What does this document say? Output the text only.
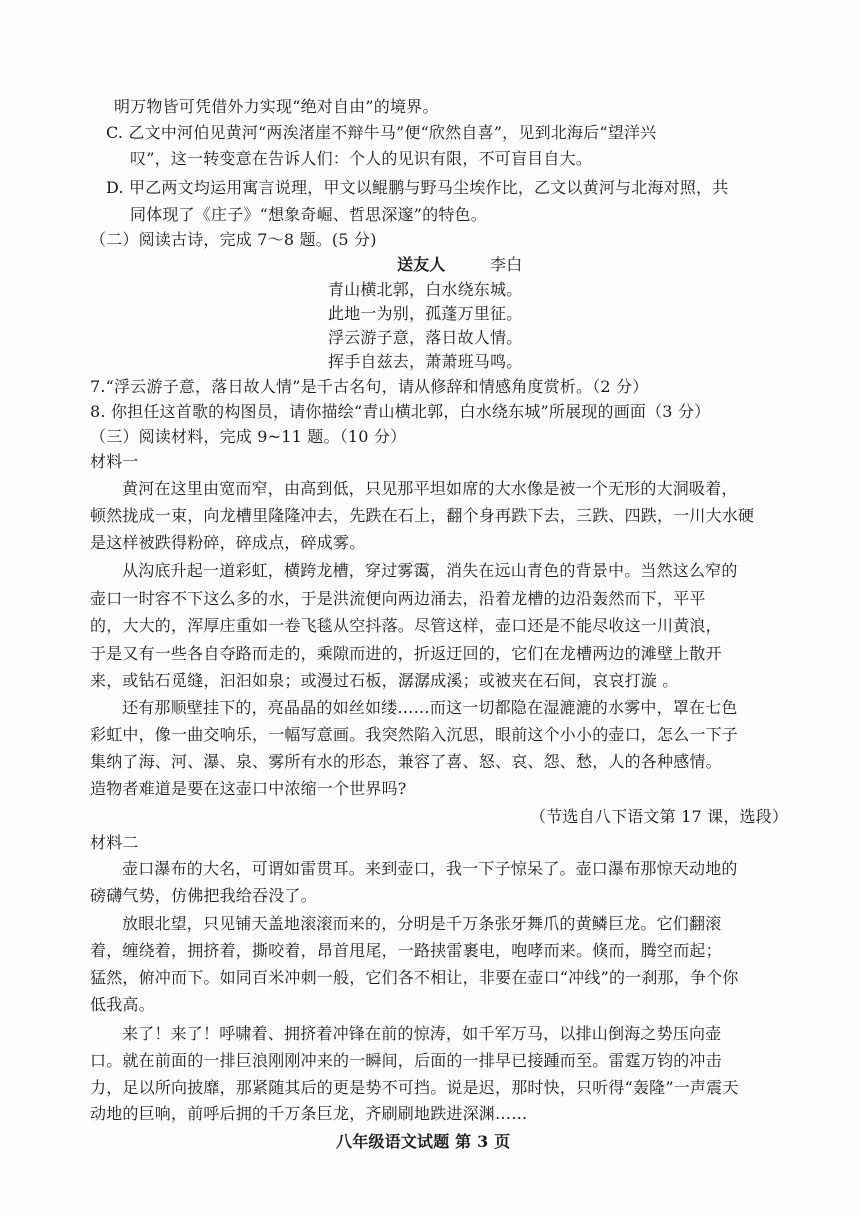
明万物皆可凭借外力实现“绝对自由”的境界。
C. 乙文中河伯见黄河“两涘渚崖不辩牛马”便“欣然自喜”，见到北海后“望洋兴
叹”，这一转变意在告诉人们：个人的见识有限，不可盲目自大。
D. 甲乙两文均运用寓言说理，甲文以鲲鹏与野马尘埃作比，乙文以黄河与北海对照，共
同体现了《庄子》“想象奇崛、哲思深邃”的特色。
（二）阅读古诗，完成 7～8 题。(5 分)
送友人	李白
青山横北郭，白水绕东城。
此地一为别，孤蓬万里征。
浮云游子意，落日故人情。
挥手自兹去，萧萧班马鸣。
7.“浮云游子意，落日故人情”是千古名句，请从修辞和情感角度赏析。（2 分）
8. 你担任这首歌的构图员，请你描绘“青山横北郭，白水绕东城”所展现的画面（3 分）
（三）阅读材料，完成 9~11 题。（10 分）
材料一
黄河在这里由宽而窄，由高到低，只见那平坦如席的大水像是被一个无形的大洞吸着，
顿然拢成一束，向龙槽里隆隆冲去，先跌在石上，翻个身再跌下去，三跌、四跌，一川大水硬
是这样被跌得粉碎，碎成点，碎成雾。
从沟底升起一道彩虹，横跨龙槽，穿过雾霭，消失在远山青色的背景中。当然这么窄的
壶口一时容不下这么多的水，于是洪流便向两边涌去，沿着龙槽的边沿轰然而下，平平
的，大大的，浑厚庄重如一卷飞毯从空抖落。尽管这样，壶口还是不能尽收这一川黄浪，
于是又有一些各自夺路而走的，乘隙而进的，折返迂回的，它们在龙槽两边的滩壁上散开
来，或钻石觅缝，汩汩如泉；或漫过石板，潺潺成溪；或被夹在石间，哀哀打漩 。
还有那顺壁挂下的，亮晶晶的如丝如缕……而这一切都隐在湿漉漉的水雾中，罩在七色
彩虹中，像一曲交响乐，一幅写意画。我突然陷入沉思，眼前这个小小的壶口，怎么一下子
集纳了海、河、瀑、泉、雾所有水的形态，兼容了喜、怒、哀、怨、愁，人的各种感情。
造物者难道是要在这壶口中浓缩一个世界吗?
（节选自八下语文第 17 课，选段）
材料二
壶口瀑布的大名，可谓如雷贯耳。来到壶口，我一下子惊呆了。壶口瀑布那惊天动地的
磅礴气势，仿佛把我给吞没了。
放眼北望，只见铺天盖地滚滚而来的，分明是千万条张牙舞爪的黄鳞巨龙。它们翻滚
着，缠绕着，拥挤着，撕咬着，昂首甩尾，一路挟雷裹电，咆哮而来。倏而，腾空而起；
猛然，俯冲而下。如同百米冲刺一般，它们各不相让，非要在壶口“冲线”的一刹那，争个你
低我高。
来了！来了！呼啸着、拥挤着冲锋在前的惊涛，如千军万马，以排山倒海之势压向壶
口。就在前面的一排巨浪刚刚冲来的一瞬间，后面的一排早已接踵而至。雷霆万钧的冲击
力，足以所向披靡，那紧随其后的更是势不可挡。说是迟，那时快，只听得“轰隆”一声震天
动地的巨响，前呼后拥的千万条巨龙，齐刷刷地跌进深渊……
八年级语文试题 第 3 页
